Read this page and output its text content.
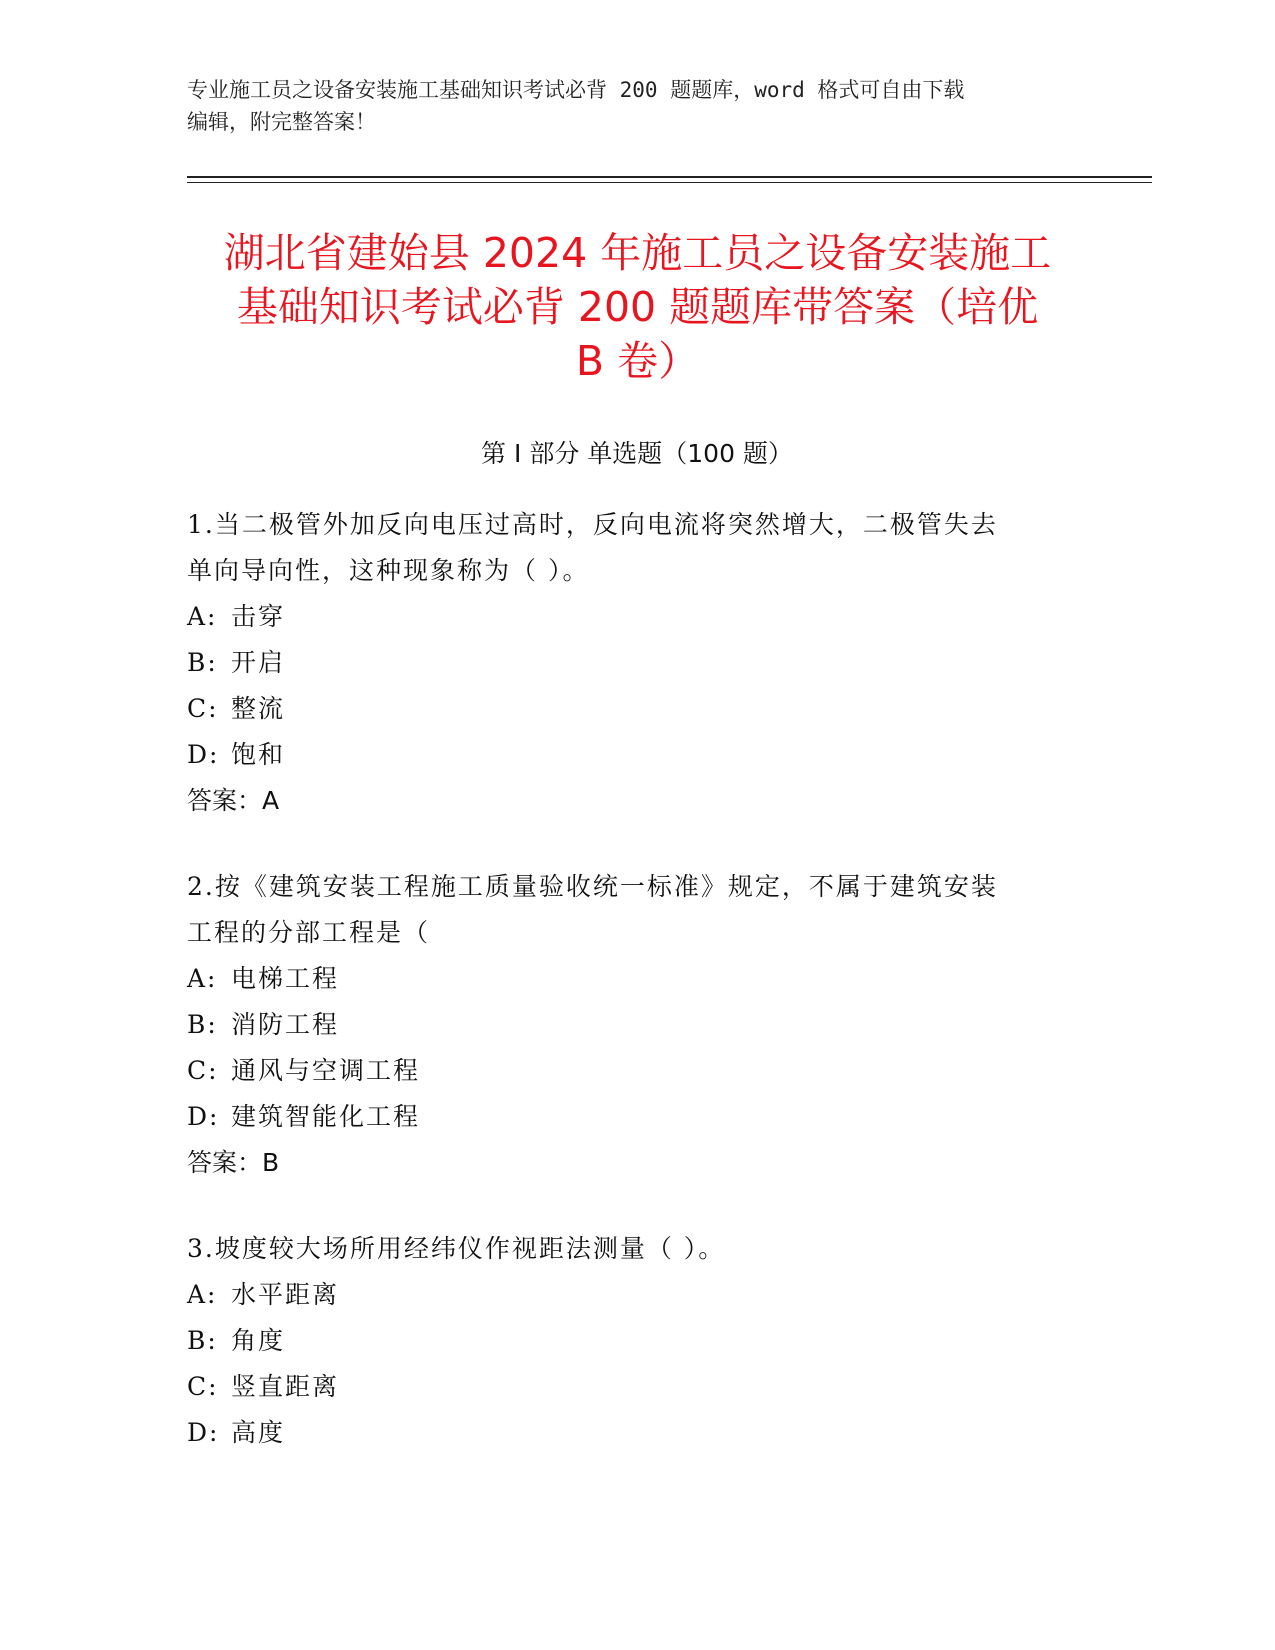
专业施工员之设备安装施工基础知识考试必背 200 题题库，word 格式可自由下载
编辑，附完整答案！
湖北省建始县 2024 年施工员之设备安装施工
基础知识考试必背 200 题题库带答案（培优
B 卷）
第 I 部分 单选题（100 题）
1.当二极管外加反向电压过高时，反向电流将突然增大，二极管失去
单向导向性，这种现象称为（ ）。
A: 击穿
B: 开启
C: 整流
D: 饱和
答案：A
2.按《建筑安装工程施工质量验收统一标准》规定，不属于建筑安装
工程的分部工程是（
A: 电梯工程
B: 消防工程
C: 通风与空调工程
D: 建筑智能化工程
答案：B
3.坡度较大场所用经纬仪作视距法测量（ ）。
A: 水平距离
B: 角度
C: 竖直距离
D: 高度
